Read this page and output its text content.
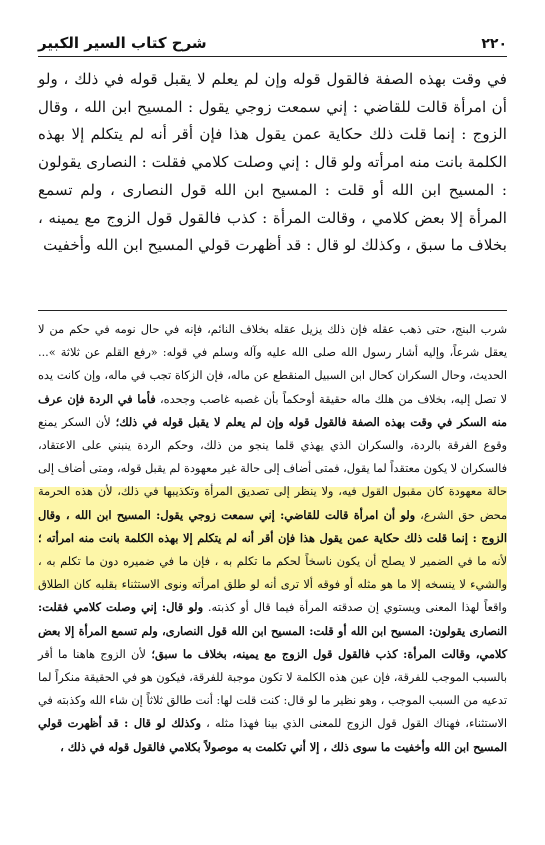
٢٢٠
شرح كتاب السير الكبير

في وقت بهذه الصفة فالقول قوله وإن لم يعلم لا يقبل قوله في ذلك ، ولو أن امرأة قالت للقاضي : إني سمعت زوجي يقول : المسيح ابن الله ، وقال الزوج : إنما قلت ذلك حكاية عمن يقول هذا فإن أقر أنه لم يتكلم إلا بهذه الكلمة بانت منه امرأته ولو قال : إني وصلت كلامي فقلت : النصارى يقولون : المسيح ابن الله أو قلت : المسيح ابن الله قول النصارى ، ولم تسمع المرأة إلا بعض كلامي ، وقالت المرأة : كذب فالقول قول الزوج مع يمينه ، بخلاف ما سبق ، وكذلك لو قال : قد أظهرت قولي المسيح ابن الله وأخفيت

شرب البنج، حتى ذهب عقله فإن ذلك يزيل عقله بخلاف النائم، فإنه في حال نومه في حكم من لا يعقل شرعاً، وإليه أشار رسول الله صلى الله عليه وآله وسلم في قوله: «رفع القلم عن ثلاثة »... الحديث، وحال السكران كحال ابن السبيل المنقطع عن ماله، فإن الزكاة تجب في ماله، وإن كانت يده لا تصل إليه، بخلاف من هلك ماله حقيقة أوحكماً بأن غصبه غاصب وجحده، فأما في الردة فإن عرف منه السكر في وقت بهذه الصفة فالقول قوله وإن لم يعلم لا يقبل قوله في ذلك؛ لأن السكر يمنع وقوع الفرقة بالردة، والسكران الذي يهذي قلما ينجو من ذلك، وحكم الردة ينبني على الاعتقاد، فالسكران لا يكون معتقداً لما يقول، فمتى أضاف إلى حالة غير معهودة لم يقبل قوله، ومتى أضاف إلى حالة معهودة كان مقبول القول فيه، ولا ينظر إلى تصديق المرأة وتكذيبها في ذلك، لأن هذه الحرمة محض حق الشرع، ولو أن امرأة قالت للقاضي: إني سمعت زوجي يقول: المسيح ابن الله ، وقال الزوج : إنما قلت ذلك حكاية عمن يقول هذا فإن أقر أنه لم يتكلم إلا بهذه الكلمة بانت منه امرأته ؛ لأنه ما في الضمير لا يصلح أن يكون ناسخاً لحكم ما تكلم به ، فإن ما في ضميره دون ما تكلم به ، والشيء لا ينسخه إلا ما هو مثله أو فوقه ألا ترى أنه لو طلق امرأته ونوى الاستثناء بقلبه كان الطلاق واقعاً لهذا المعنى ويستوي إن صدقته المرأة فيما قال أو كذبته. ولو قال: إني وصلت كلامي فقلت: النصارى يقولون: المسيح ابن الله أو قلت: المسيح ابن الله قول النصارى، ولم تسمع المرأة إلا بعض كلامي، وقالت المرأة: كذب فالقول قول الزوج مع يمينه، بخلاف ما سبق؛ لأن الزوج هاهنا ما أقر بالسبب الموجب للفرقة، فإن عين هذه الكلمة لا تكون موجبة للفرقة، فيكون هو في الحقيقة منكراً لما تدعيه من السبب الموجب ، وهو نظير ما لو قال: كنت قلت لها: أنت طالق ثلاثاً إن شاء الله وكذبته في الاستثناء، فهناك القول قول الزوج للمعنى الذي بينا فهذا مثله ، وكذلك لو قال : قد أظهرت قولي المسيح ابن الله وأخفيت ما سوى ذلك ، إلا أني تكلمت به موصولاً بكلامي فالقول قوله في ذلك ،
